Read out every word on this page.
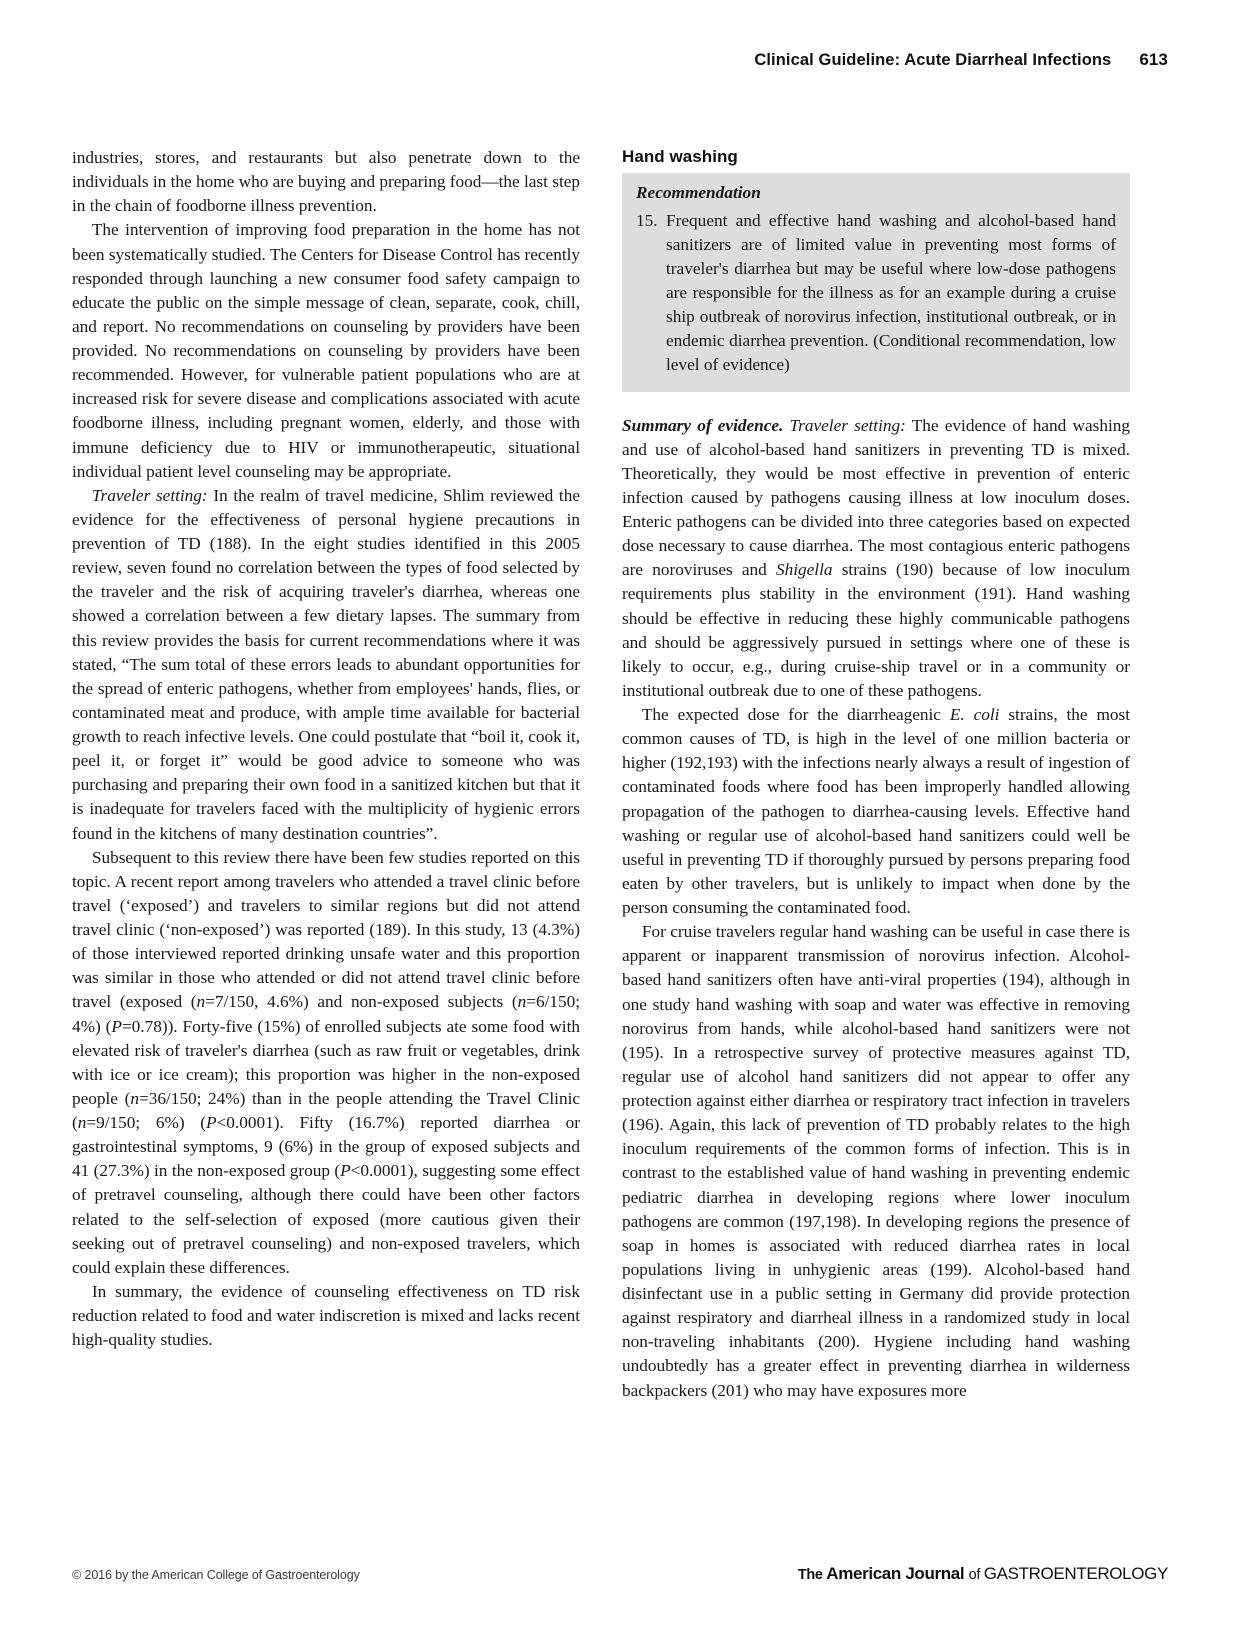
Clinical Guideline: Acute Diarrheal Infections 613

industries, stores, and restaurants but also penetrate down to the individuals in the home who are buying and preparing food—the last step in the chain of foodborne illness prevention.

The intervention of improving food preparation in the home has not been systematically studied. The Centers for Disease Control has recently responded through launching a new consumer food safety campaign to educate the public on the simple message of clean, separate, cook, chill, and report. No recommendations on counseling by providers have been provided. No recommendations on counseling by providers have been recommended. However, for vulnerable patient populations who are at increased risk for severe disease and complications associated with acute foodborne illness, including pregnant women, elderly, and those with immune deficiency due to HIV or immunotherapeutic, situational individual patient level counseling may be appropriate.

Traveler setting: In the realm of travel medicine, Shlim reviewed the evidence for the effectiveness of personal hygiene precautions in prevention of TD (188). In the eight studies identified in this 2005 review, seven found no correlation between the types of food selected by the traveler and the risk of acquiring traveler's diarrhea, whereas one showed a correlation between a few dietary lapses. The summary from this review provides the basis for current recommendations where it was stated, “The sum total of these errors leads to abundant opportunities for the spread of enteric pathogens, whether from employees' hands, flies, or contaminated meat and produce, with ample time available for bacterial growth to reach infective levels. One could postulate that “boil it, cook it, peel it, or forget it” would be good advice to someone who was purchasing and preparing their own food in a sanitized kitchen but that it is inadequate for travelers faced with the multiplicity of hygienic errors found in the kitchens of many destination countries”.

Subsequent to this review there have been few studies reported on this topic. A recent report among travelers who attended a travel clinic before travel (‘exposed’) and travelers to similar regions but did not attend travel clinic (‘non-exposed’) was reported (189). In this study, 13 (4.3%) of those interviewed reported drinking unsafe water and this proportion was similar in those who attended or did not attend travel clinic before travel (exposed (n=7/150, 4.6%) and non-exposed subjects (n=6/150; 4%) (P=0.78)). Forty-five (15%) of enrolled subjects ate some food with elevated risk of traveler's diarrhea (such as raw fruit or vegetables, drink with ice or ice cream); this proportion was higher in the non-exposed people (n=36/150; 24%) than in the people attending the Travel Clinic (n=9/150; 6%) (P<0.0001). Fifty (16.7%) reported diarrhea or gastrointestinal symptoms, 9 (6%) in the group of exposed subjects and 41 (27.3%) in the non-exposed group (P<0.0001), suggesting some effect of pretravel counseling, although there could have been other factors related to the self-selection of exposed (more cautious given their seeking out of pretravel counseling) and non-exposed travelers, which could explain these differences.

In summary, the evidence of counseling effectiveness on TD risk reduction related to food and water indiscretion is mixed and lacks recent high-quality studies.

Hand washing
Recommendation
15. Frequent and effective hand washing and alcohol-based hand sanitizers are of limited value in preventing most forms of traveler's diarrhea but may be useful where low-dose pathogens are responsible for the illness as for an example during a cruise ship outbreak of norovirus infection, institutional outbreak, or in endemic diarrhea prevention. (Conditional recommendation, low level of evidence)

Summary of evidence. Traveler setting: The evidence of hand washing and use of alcohol-based hand sanitizers in preventing TD is mixed. Theoretically, they would be most effective in prevention of enteric infection caused by pathogens causing illness at low inoculum doses. Enteric pathogens can be divided into three categories based on expected dose necessary to cause diarrhea. The most contagious enteric pathogens are noroviruses and Shigella strains (190) because of low inoculum requirements plus stability in the environment (191). Hand washing should be effective in reducing these highly communicable pathogens and should be aggressively pursued in settings where one of these is likely to occur, e.g., during cruise-ship travel or in a community or institutional outbreak due to one of these pathogens.

The expected dose for the diarrheagenic E. coli strains, the most common causes of TD, is high in the level of one million bacteria or higher (192,193) with the infections nearly always a result of ingestion of contaminated foods where food has been improperly handled allowing propagation of the pathogen to diarrhea-causing levels. Effective hand washing or regular use of alcohol-based hand sanitizers could well be useful in preventing TD if thoroughly pursued by persons preparing food eaten by other travelers, but is unlikely to impact when done by the person consuming the contaminated food.

For cruise travelers regular hand washing can be useful in case there is apparent or inapparent transmission of norovirus infection. Alcohol-based hand sanitizers often have anti-viral properties (194), although in one study hand washing with soap and water was effective in removing norovirus from hands, while alcohol-based hand sanitizers were not (195). In a retrospective survey of protective measures against TD, regular use of alcohol hand sanitizers did not appear to offer any protection against either diarrhea or respiratory tract infection in travelers (196). Again, this lack of prevention of TD probably relates to the high inoculum requirements of the common forms of infection. This is in contrast to the established value of hand washing in preventing endemic pediatric diarrhea in developing regions where lower inoculum pathogens are common (197,198). In developing regions the presence of soap in homes is associated with reduced diarrhea rates in local populations living in unhygienic areas (199). Alcohol-based hand disinfectant use in a public setting in Germany did provide protection against respiratory and diarrheal illness in a randomized study in local non-traveling inhabitants (200). Hygiene including hand washing undoubtedly has a greater effect in preventing diarrhea in wilderness backpackers (201) who may have exposures more

© 2016 by the American College of Gastroenterology	The American Journal of GASTROENTEROLOGY
